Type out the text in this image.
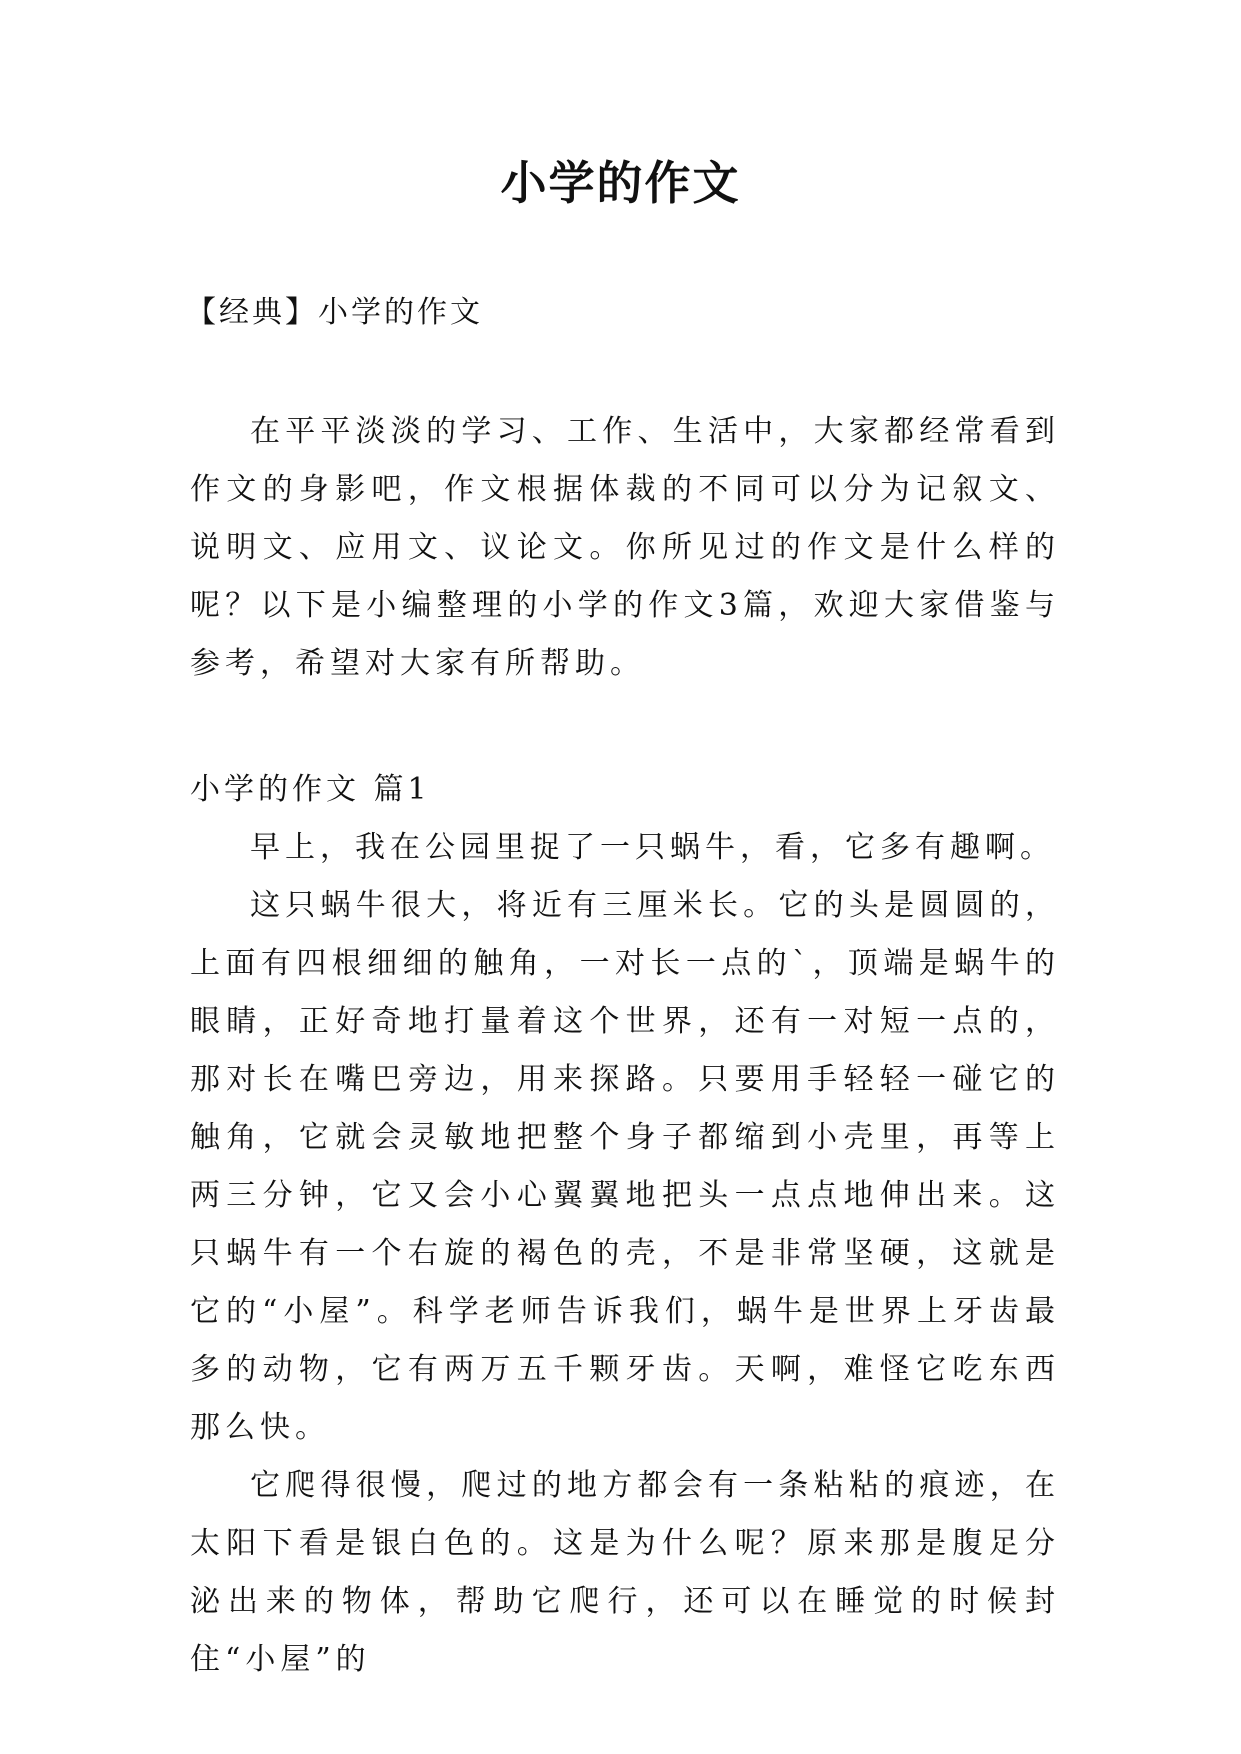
小学的作文
【经典】小学的作文

在平平淡淡的学习、工作、生活中，大家都经常看到作文的身影吧，作文根据体裁的不同可以分为记叙文、说明文、应用文、议论文。你所见过的作文是什么样的呢？以下是小编整理的小学的作文3篇，欢迎大家借鉴与参考，希望对大家有所帮助。

小学的作文 篇1

早上，我在公园里捉了一只蜗牛，看，它多有趣啊。

这只蜗牛很大，将近有三厘米长。它的头是圆圆的，上面有四根细细的触角，一对长一点的`，顶端是蜗牛的眼睛，正好奇地打量着这个世界，还有一对短一点的，那对长在嘴巴旁边，用来探路。只要用手轻轻一碰它的触角，它就会灵敏地把整个身子都缩到小壳里，再等上两三分钟，它又会小心翼翼地把头一点点地伸出来。这只蜗牛有一个右旋的褐色的壳，不是非常坚硬，这就是它的“小屋”。科学老师告诉我们，蜗牛是世界上牙齿最多的动物，它有两万五千颗牙齿。天啊，难怪它吃东西那么快。

它爬得很慢，爬过的地方都会有一条粘粘的痕迹，在太阳下看是银白色的。这是为什么呢？原来那是腹足分泌出来的物体，帮助它爬行，还可以在睡觉的时候封住“小屋”的
